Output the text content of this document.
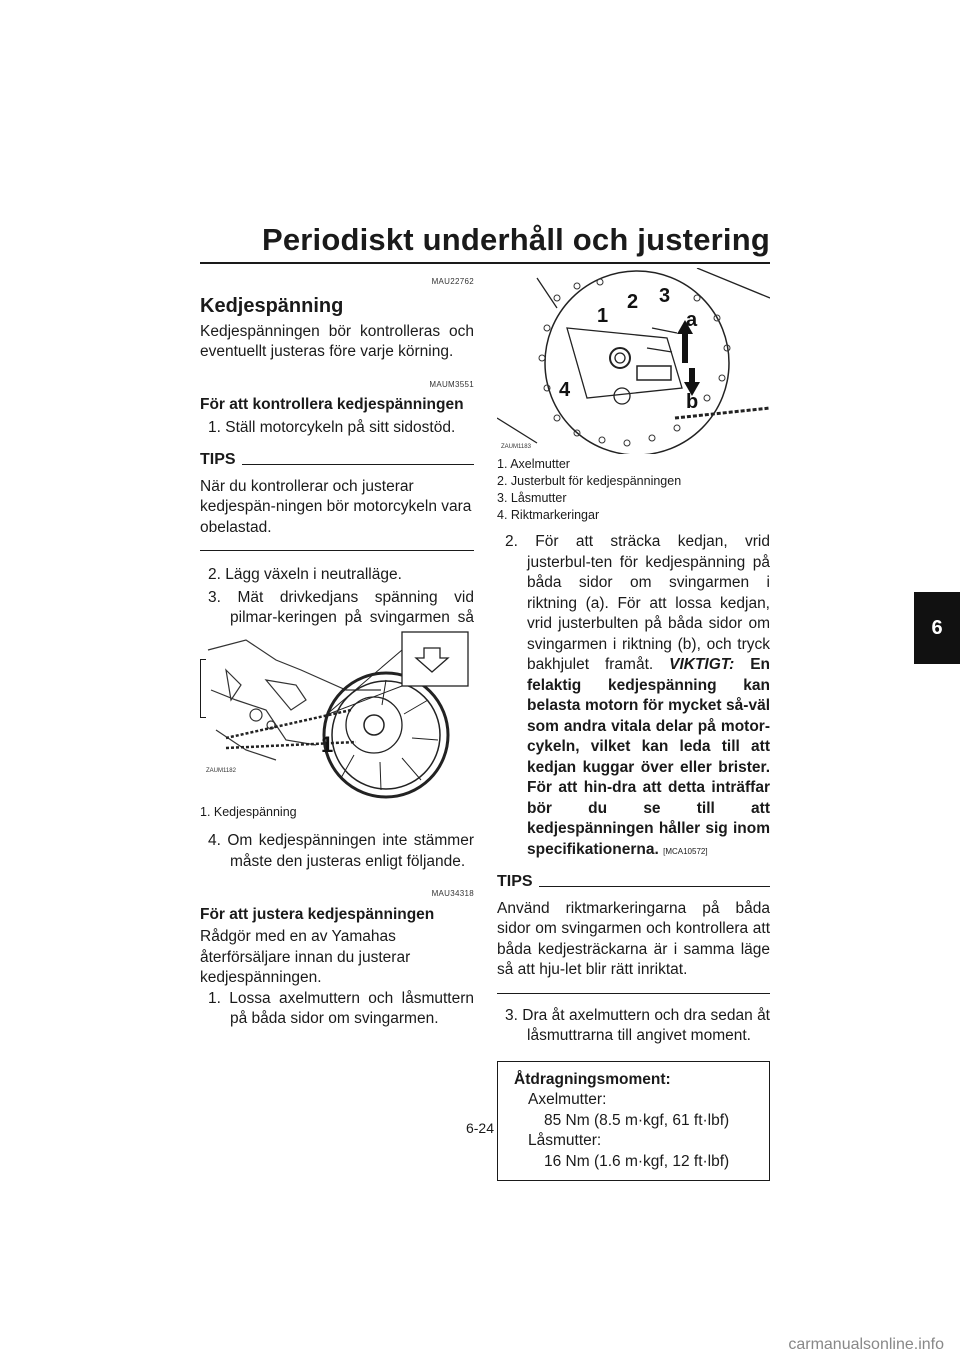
Periodiskt underhåll och justering
6
MAU22762
Kedjespänning
Kedjespänningen bör kontrolleras och eventuellt justeras före varje körning.
MAUM3551
För att kontrollera kedjespänningen
1. Ställ motorcykeln på sitt sidostöd.
TIPS
När du kontrollerar och justerar kedjespän-ningen bör motorcykeln vara obelastad.
2. Lägg växeln i neutralläge.
3. Mät drivkedjans spänning vid pilmar-keringen på svingarmen så
1
ZAUM1182
1. Kedjespänning
4. Om kedjespänningen inte stämmer måste den justeras enligt följande.
MAU34318
För att justera kedjespänningen
Rådgör med en av Yamahas återförsäljare innan du justerar kedjespänningen.
1. Lossa axelmuttern och låsmuttern på båda sidor om svingarmen.
1
2 3
4
a
b
ZAUM1183
1. Axelmutter
2. Justerbult för kedjespänningen
3. Låsmutter
4. Riktmarkeringar
2. För att sträcka kedjan, vrid justerbul-ten för kedjespänning på båda sidor om svingarmen i riktning (a). För att lossa kedjan, vrid justerbulten på båda sidor om svingarmen i riktning (b), och tryck bakhjulet framåt. VIKTIGT: En felaktig kedjespänning kan belasta motorn för mycket så-väl som andra vitala delar på motor-cykeln, vilket kan leda till att kedjan kuggar över eller brister. För att hin-dra att detta inträffar bör du se till att kedjespänningen håller sig inom specifikationerna. [MCA10572]
TIPS
Använd riktmarkeringarna på båda sidor om svingarmen och kontrollera att båda kedjesträckarna är i samma läge så att hju-let blir rätt inriktat.
3. Dra åt axelmuttern och dra sedan åt låsmuttrarna till angivet moment.
Åtdragningsmoment:
Axelmutter:
85 Nm (8.5 m·kgf, 61 ft·lbf)
Låsmutter:
16 Nm (1.6 m·kgf, 12 ft·lbf)
6-24
carmanualsonline.info
